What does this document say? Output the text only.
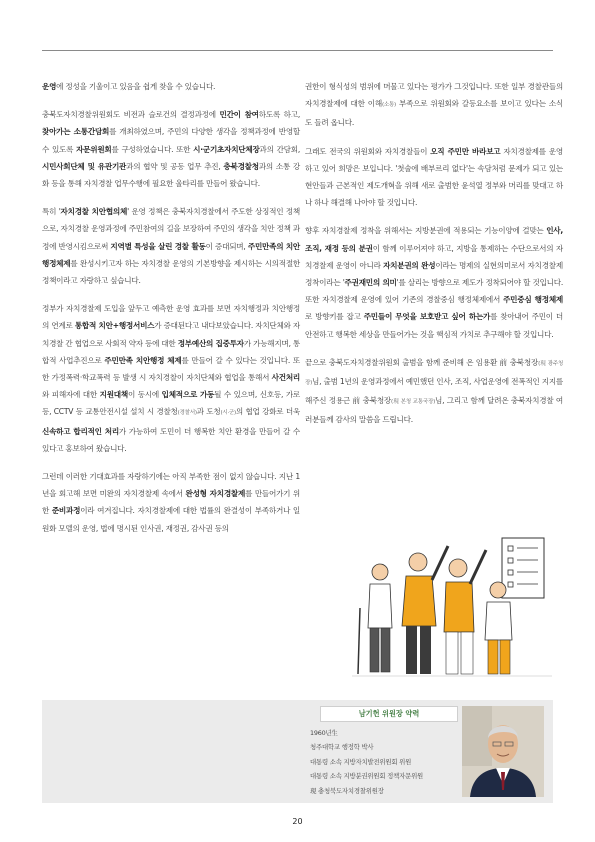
운영에 정성을 기울이고 있음을 쉽게 찾을 수 있습니다.

충북도자치경찰위원회도 비전과 슬로건의 결정과정에 민간이 참여하도록 하고, 찾아가는 소통간담회를 개최하였으며, 주민의 다양한 생각을 정책과정에 반영할 수 있도록 자문위원회를 구성하였습니다. 또한 시·군기초자치단체장과의 간담회, 시민사회단체 및 유관기관과의 협약 및 공동 업무 추진, 충북경찰청과의 소통 강화 등을 통해 자치경찰 업무수행에 필요한 울타리를 만들어 왔습니다.

특히 '자치경찰 치안협의체' 운영 정책은 충북자치경찰에서 주도한 상징적인 정책으로, 자치경찰 운영과정에 주민참여의 길을 보장하여 주민의 생각을 치안 정책 과정에 반영시킴으로써 지역별 특성을 살린 경찰 활동이 증대되며, 주민만족의 치안 행정체제를 완성시키고자 하는 자치경찰 운영의 기본방향을 제시하는 시의적절한 정책이라고 자랑하고 싶습니다.

정부가 자치경찰제 도입을 앞두고 예측한 운영 효과를 보면 자치행정과 치안행정의 연계로 통합적 치안+행정서비스가 증대된다고 내다보았습니다. 자치단체와 자치경찰 간 협업으로 사회적 약자 등에 대한 정부예산의 집중투자가 가능해지며, 통합적 사업추진으로 주민만족 치안행정 체제를 만들어 갈 수 있다는 것입니다. 또한 가정폭력·학교폭력 등 발생 시 자치경찰이 자치단체와 협업을 통해서 사건처리와 피해자에 대한 지원대책이 동시에 입체적으로 가동될 수 있으며, 신호등, 가로등, CCTV 등 교통안전시설 설치 시 경찰청(경찰서)과 도청(시·군)의 협업 강화로 더욱 신속하고 합리적인 처리가 가능하여 도민이 더 행복한 치안 환경을 만들어 갈 수 있다고 홍보하여 왔습니다.

그런데 이러한 기대효과를 자랑하기에는 아직 부족한 점이 없지 않습니다. 지난 1년을 회고해 보면 미완의 자치경찰제 속에서 완성형 자치경찰제를 만들어가기 위한 준비과정이라 여겨집니다. 자치경찰제에 대한 법률의 완결성이 부족하거나 일원화 모델의 운영, 법에 명시된 인사권, 재정권, 감사권 등의

권한이 형식성의 범위에 머물고 있다는 평가가 그것입니다. 또한 일부 경찰관들의 자치경찰제에 대한 이해(소통) 부족으로 위원회와 갈등요소를 보이고 있다는 소식도 들려 옵니다.

그래도 전국의 위원회와 자치경찰들이 오직 주민만 바라보고 자치경찰제를 운영하고 있어 희망은 보입니다. '첫술에 배부르리 없다'는 속담처럼 문제가 되고 있는 현안들과 근본적인 제도개혁을 위해 새로 출범한 윤석열 정부와 머리를 맞대고 하나 하나 해결해 나아야 할 것입니다.

향후 자치경찰제 정착을 위해서는 지방분권에 적용되는 기능이양에 걸맞는 인사, 조직, 재정 등의 분권이 함께 이루어져야 하고, 지방을 통제하는 수단으로서의 자치경찰제 운영이 아니라 자치분권의 완성이라는 명제의 실현의미로서 자치경찰제 정착이라는 '주권재민의 의미'를 살리는 방향으로 제도가 정착되어야 할 것입니다. 또한 자치경찰제 운영에 있어 기존의 경찰중심 행정체제에서 주민중심 행정체제로 방향키를 잡고 주민들이 무엇을 보호받고 싶어 하는가를 찾아내어 주민이 더 안전하고 행복한 세상을 만들어가는 것을 핵심적 가치로 추구해야 할 것입니다.

끝으로 충북도자치경찰위원회 출범을 함께 준비해 온 임용환 前 충북청장(現 광주청장)님, 출범 1년의 운영과정에서 예민했던 인사, 조직, 사업운영에 전폭적인 지지를 해주신 정용근 前 충북청장(現 본청 교통국장)님, 그리고 함께 달려온 충북자치경찰 여러분들께 감사의 말씀을 드립니다.

남기헌 위원장 약력
1960년生
청주대학교 행정학 박사
대통령 소속 지방자치발전위원회 위원
대통령 소속 지방분권위원회 정책자문위원
現 충청북도자치경찰위원장
20
